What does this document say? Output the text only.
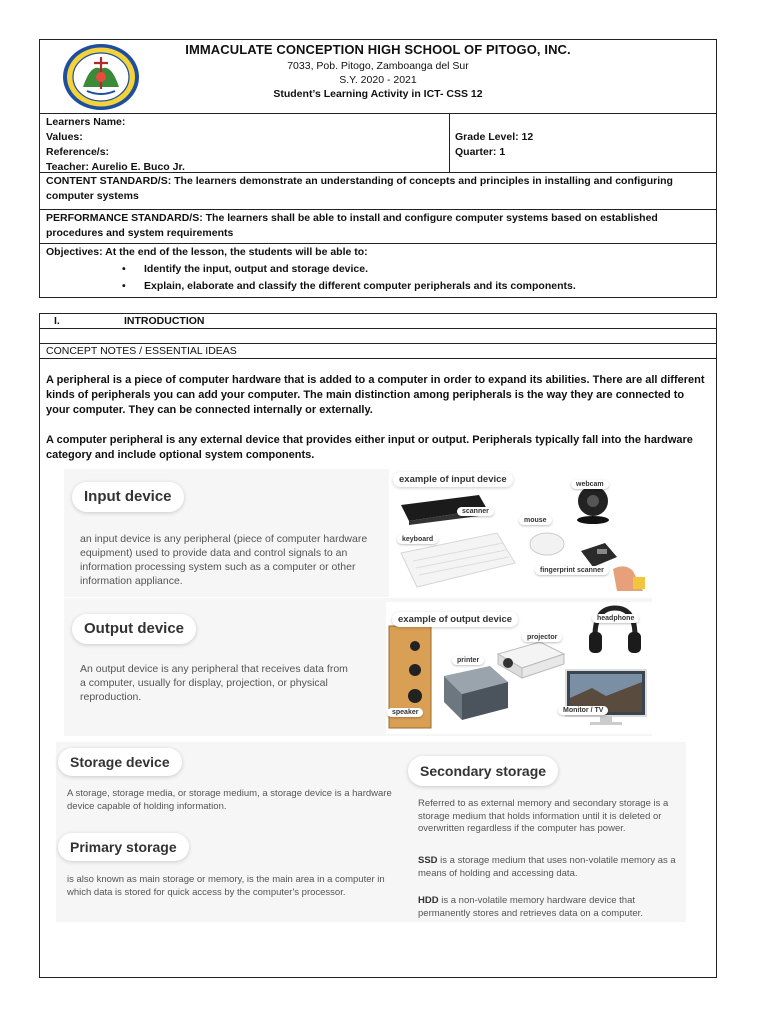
IMMACULATE CONCEPTION HIGH SCHOOL OF PITOGO, INC.
7033, Pob. Pitogo, Zamboanga del Sur
S.Y. 2020 - 2021
Student’s Learning Activity in ICT- CSS 12
Learners Name:
Values:
Reference/s:
Teacher: Aurelio E. Buco Jr.
Grade Level: 12
Quarter: 1
CONTENT STANDARD/S: The learners demonstrate an understanding of concepts and principles in installing and configuring computer systems
PERFORMANCE STANDARD/S: The learners shall be able to install and configure computer systems based on established procedures and system requirements
Objectives: At the end of the lesson, the students will be able to:
•	Identify the input, output and storage device.
•	Explain, elaborate and classify the different computer peripherals and its components.
I.	INTRODUCTION
CONCEPT NOTES / ESSENTIAL IDEAS
A peripheral is a piece of computer hardware that is added to a computer in order to expand its abilities. There are all different kinds of peripherals you can add your computer. The main distinction among peripherals is the way they are connected to your computer. They can be connected internally or externally.
A computer peripheral is any external device that provides either input or output. Peripherals typically fall into the hardware category and include optional system components.
Input device
an input device is any peripheral (piece of computer hardware equipment) used to provide data and control signals to an information processing system such as a computer or other information appliance.
example of input device	webcam
scanner
mouse
keyboard
fingerprint scanner
Output device
An output device is any peripheral that receives data from a computer, usually for display, projection, or physical reproduction.
example of output device	headphone
projector
printer
speaker	Monitor / TV
Storage device
A storage, storage media, or storage medium, a storage device is a hardware device capable of holding information.
Primary storage
is also known as main storage or memory, is the main area in a computer in which data is stored for quick access by the computer's processor.
Secondary storage
Referred to as external memory and secondary storage is a storage medium that holds information until it is deleted or overwritten regardless if the computer has power.
SSD is a storage medium that uses non-volatile memory as a means of holding and accessing data.
HDD is a non-volatile memory hardware device that permanently stores and retrieves data on a computer.
